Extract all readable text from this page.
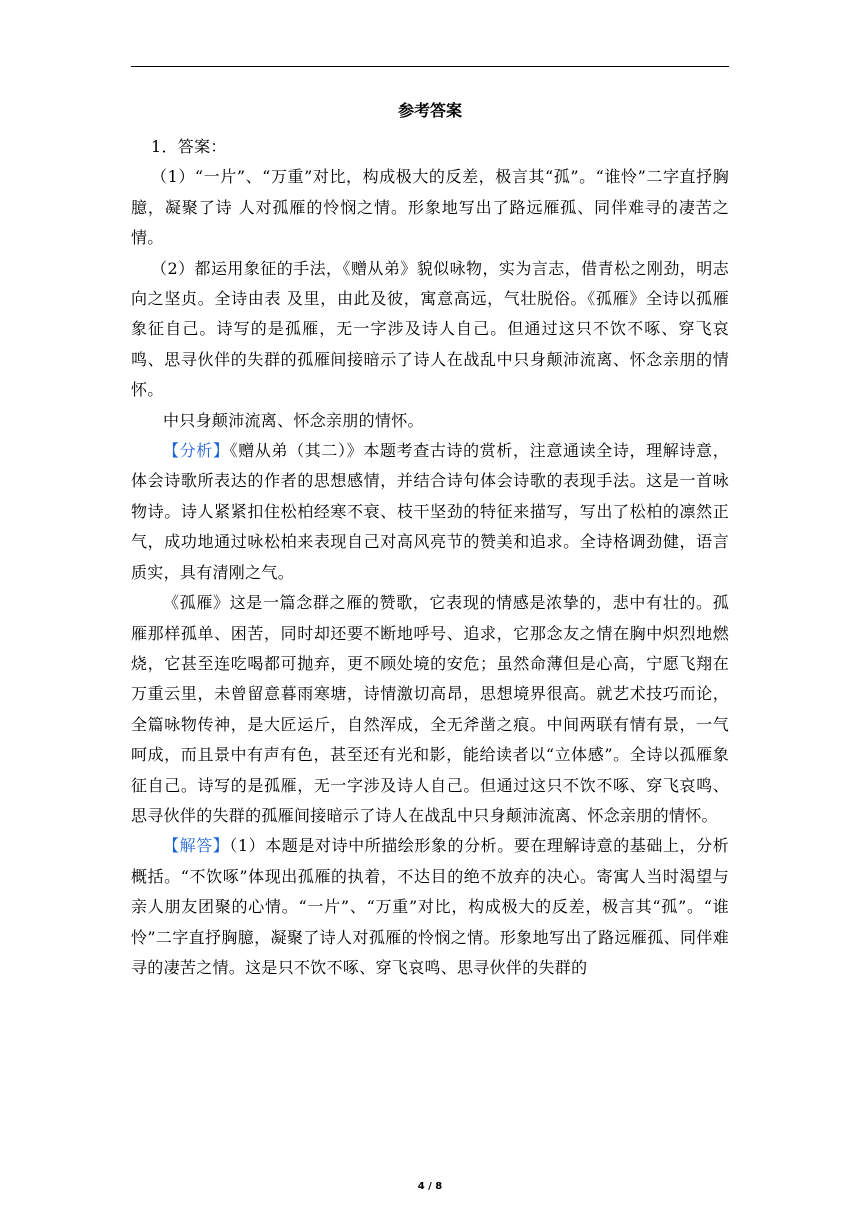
参考答案

1．答案：

（1）“一片”、“万重”对比，构成极大的反差，极言其“孤”。“谁怜”二字直抒胸臆，凝聚了诗 人对孤雁的怜悯之情。形象地写出了路远雁孤、同伴难寻的凄苦之情。

（2）都运用象征的手法，《赠从弟》貌似咏物，实为言志，借青松之刚劲，明志向之坚贞。全诗由表 及里，由此及彼，寓意高远，气壮脱俗。《孤雁》全诗以孤雁象征自己。诗写的是孤雁，无一字涉及诗人自己。但通过这只不饮不啄、穿飞哀鸣、思寻伙伴的失群的孤雁间接暗示了诗人在战乱中只身颠沛流离、怀念亲朋的情怀。

中只身颠沛流离、怀念亲朋的情怀。

【分析】《赠从弟（其二）》本题考查古诗的赏析，注意通读全诗，理解诗意，体会诗歌所表达的作者的思想感情，并结合诗句体会诗歌的表现手法。这是一首咏物诗。诗人紧紧扣住松柏经寒不衰、枝干坚劲的特征来描写，写出了松柏的凛然正气，成功地通过咏松柏来表现自己对高风亮节的赞美和追求。全诗格调劲健，语言质实，具有清刚之气。

《孤雁》这是一篇念群之雁的赞歌，它表现的情感是浓挚的，悲中有壮的。孤雁那样孤单、困苦，同时却还要不断地呼号、追求，它那念友之情在胸中炽烈地燃烧，它甚至连吃喝都可抛弃，更不顾处境的安危；虽然命薄但是心高，宁愿飞翔在万重云里，未曾留意暮雨寒塘，诗情激切高昂，思想境界很高。就艺术技巧而论，全篇咏物传神，是大匠运斤，自然浑成，全无斧凿之痕。中间两联有情有景，一气呵成，而且景中有声有色，甚至还有光和影，能给读者以“立体感”。全诗以孤雁象征自己。诗写的是孤雁，无一字涉及诗人自己。但通过这只不饮不啄、穿飞哀鸣、思寻伙伴的失群的孤雁间接暗示了诗人在战乱中只身颠沛流离、怀念亲朋的情怀。

【解答】（1）本题是对诗中所描绘形象的分析。要在理解诗意的基础上，分析概括。“不饮啄”体现出孤雁的执着，不达目的绝不放弃的决心。寄寓人当时渴望与亲人朋友团聚的心情。“一片”、“万重”对比，构成极大的反差，极言其“孤”。“谁怜”二字直抒胸臆，凝聚了诗人对孤雁的怜悯之情。形象地写出了路远雁孤、同伴难寻的凄苦之情。这是只不饮不啄、穿飞哀鸣、思寻伙伴的失群的

4 / 8
